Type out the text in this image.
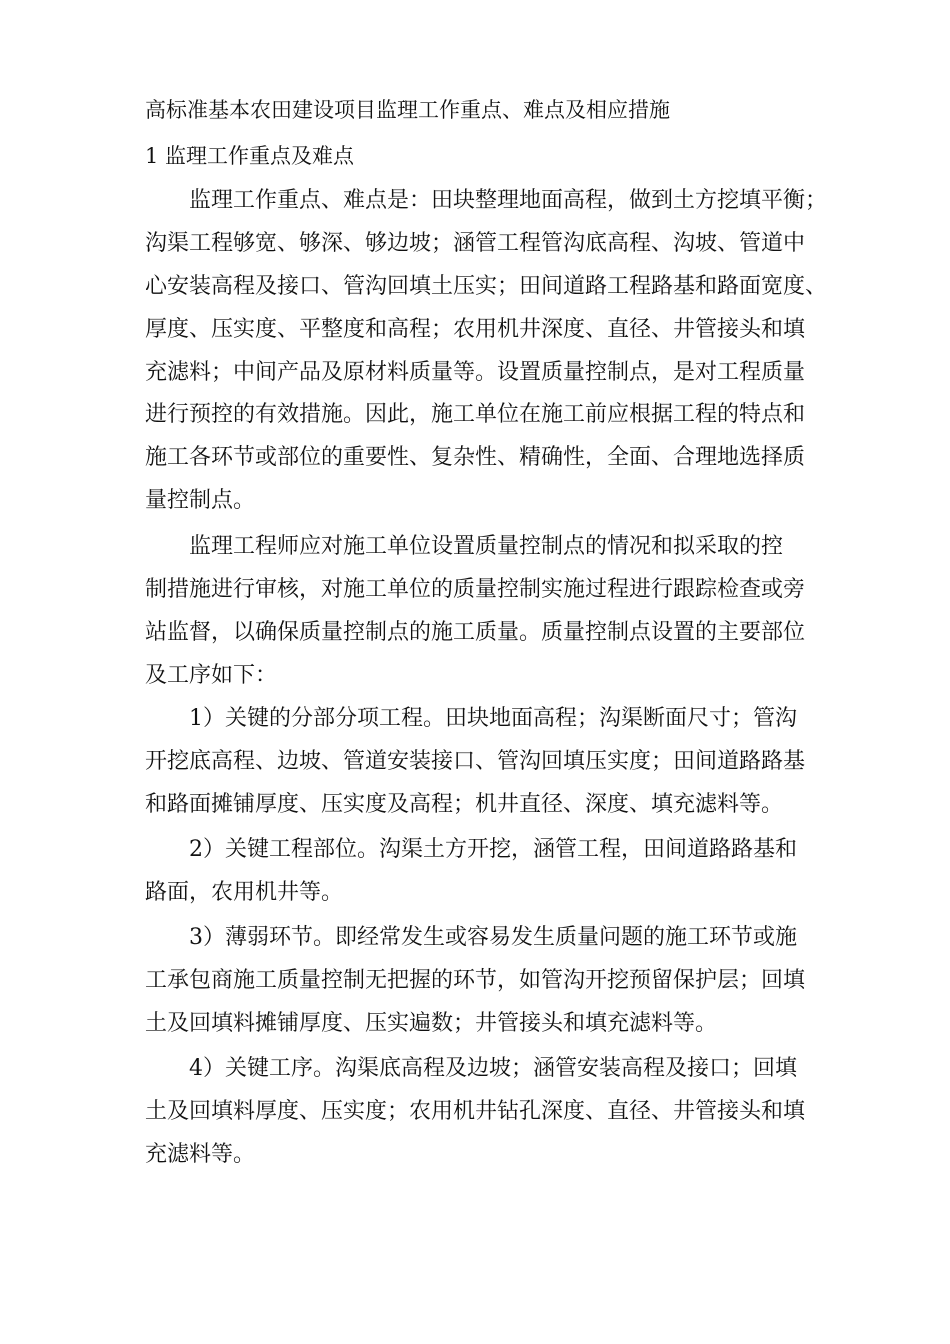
高标准基本农田建设项目监理工作重点、难点及相应措施
1 监理工作重点及难点
监理工作重点、难点是：田块整理地面高程，做到土方挖填平衡；
沟渠工程够宽、够深、够边坡；涵管工程管沟底高程、沟坡、管道中
心安装高程及接口、管沟回填土压实；田间道路工程路基和路面宽度、
厚度、压实度、平整度和高程；农用机井深度、直径、井管接头和填
充滤料；中间产品及原材料质量等。设置质量控制点，是对工程质量
进行预控的有效措施。因此，施工单位在施工前应根据工程的特点和
施工各环节或部位的重要性、复杂性、精确性，全面、合理地选择质
量控制点。
监理工程师应对施工单位设置质量控制点的情况和拟采取的控
制措施进行审核，对施工单位的质量控制实施过程进行跟踪检查或旁
站监督，以确保质量控制点的施工质量。质量控制点设置的主要部位
及工序如下：
1）关键的分部分项工程。田块地面高程；沟渠断面尺寸；管沟
开挖底高程、边坡、管道安装接口、管沟回填压实度；田间道路路基
和路面摊铺厚度、压实度及高程；机井直径、深度、填充滤料等。
2）关键工程部位。沟渠土方开挖，涵管工程，田间道路路基和
路面，农用机井等。
3）薄弱环节。即经常发生或容易发生质量问题的施工环节或施
工承包商施工质量控制无把握的环节，如管沟开挖预留保护层；回填
土及回填料摊铺厚度、压实遍数；井管接头和填充滤料等。
4）关键工序。沟渠底高程及边坡；涵管安装高程及接口；回填
土及回填料厚度、压实度；农用机井钻孔深度、直径、井管接头和填
充滤料等。
